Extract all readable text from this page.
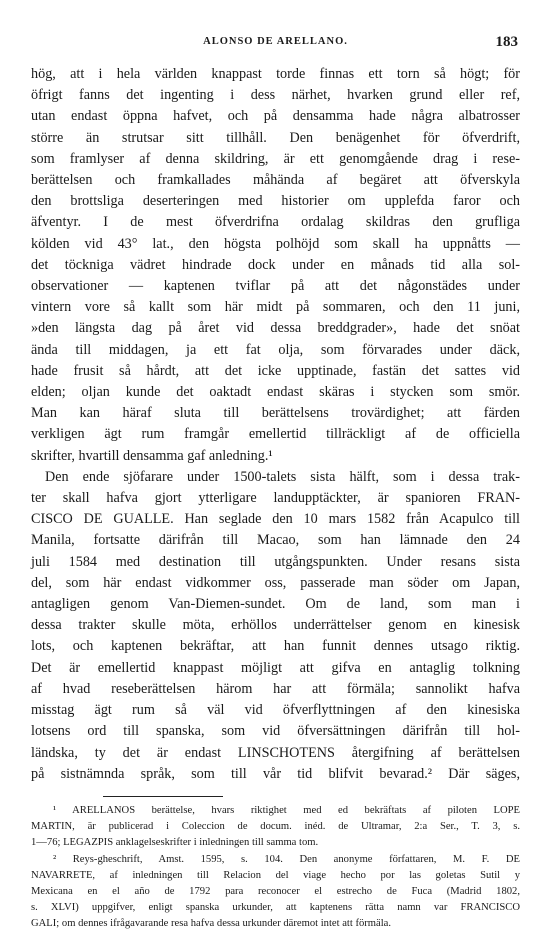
ALONSO DE ARELLANO.	183
hög, att i hela världen knappast torde finnas ett torn så högt; för
öfrigt fanns det ingenting i dess närhet, hvarken grund eller ref,
utan endast öppna hafvet, och på densamma hade några albatrosser
större än strutsar sitt tillhåll. Den benägenhet för öfverdrift,
som framlyser af denna skildring, är ett genomgående drag i rese-
berättelsen och framkallades måhända af begäret att öfverskyla
den brottsliga deserteringen med historier om upplefda faror och
äfventyr. I de mest öfverdrifna ordalag skildras den grufliga
kölden vid 43° lat., den högsta polhöjd som skall ha uppnåtts —
det töckniga vädret hindrade dock under en månads tid alla sol-
observationer — kaptenen tviflar på att det någonstädes under
vintern vore så kallt som här midt på sommaren, och den 11 juni,
»den längsta dag på året vid dessa breddgrader», hade det snöat
ända till middagen, ja ett fat olja, som förvarades under däck,
hade frusit så hårdt, att det icke upptinade, fastän det sattes vid
elden; oljan kunde det oaktadt endast skäras i stycken som smör.
Man kan häraf sluta till berättelsens trovärdighet; att färden
verkligen ägt rum framgår emellertid tillräckligt af de officiella
skrifter, hvartill densamma gaf anledning.¹
Den ende sjöfarare under 1500-talets sista hälft, som i dessa trak-
ter skall hafva gjort ytterligare landupptäckter, är spanioren FRAN-
CISCO DE GUALLE. Han seglade den 10 mars 1582 från Acapulco till
Manila, fortsatte därifrån till Macao, som han lämnade den 24
juli 1584 med destination till utgångspunkten. Under resans sista
del, som här endast vidkommer oss, passerade man söder om Japan,
antagligen genom Van-Diemen-sundet. Om de land, som man i
dessa trakter skulle möta, erhöllos underrättelser genom en kinesisk
lots, och kaptenen bekräftar, att han funnit dennes utsago riktig.
Det är emellertid knappast möjligt att gifva en antaglig tolkning
af hvad reseberättelsen härom har att förmäla; sannolikt hafva
misstag ägt rum så väl vid öfverflyttningen af den kinesiska
lotsens ord till spanska, som vid öfversättningen därifrån till hol-
ländska, ty det är endast LINSCHOTENS återgifning af berättelsen
på sistnämnda språk, som till vår tid blifvit bevarad.² Där säges,
¹ ARELLANOS berättelse, hvars riktighet med ed bekräftats af piloten LOPE
MARTIN, är publicerad i Coleccion de docum. inéd. de Ultramar, 2:a Ser., T. 3, s.
1—76; LEGAZPIS anklagelseskrifter i inledningen till samma tom.
² Reys-gheschrift, Amst. 1595, s. 104. Den anonyme författaren, M. F. DE
NAVARRETE, af inledningen till Relacion del viage hecho por las goletas Sutil y
Mexicana en el año de 1792 para reconocer el estrecho de Fuca (Madrid 1802,
s. XLVI) uppgifver, enligt spanska urkunder, att kaptenens rätta namn var FRANCISCO
GALI; om dennes ifrågavarande resa hafva dessa urkunder däremot intet att förmäla.
